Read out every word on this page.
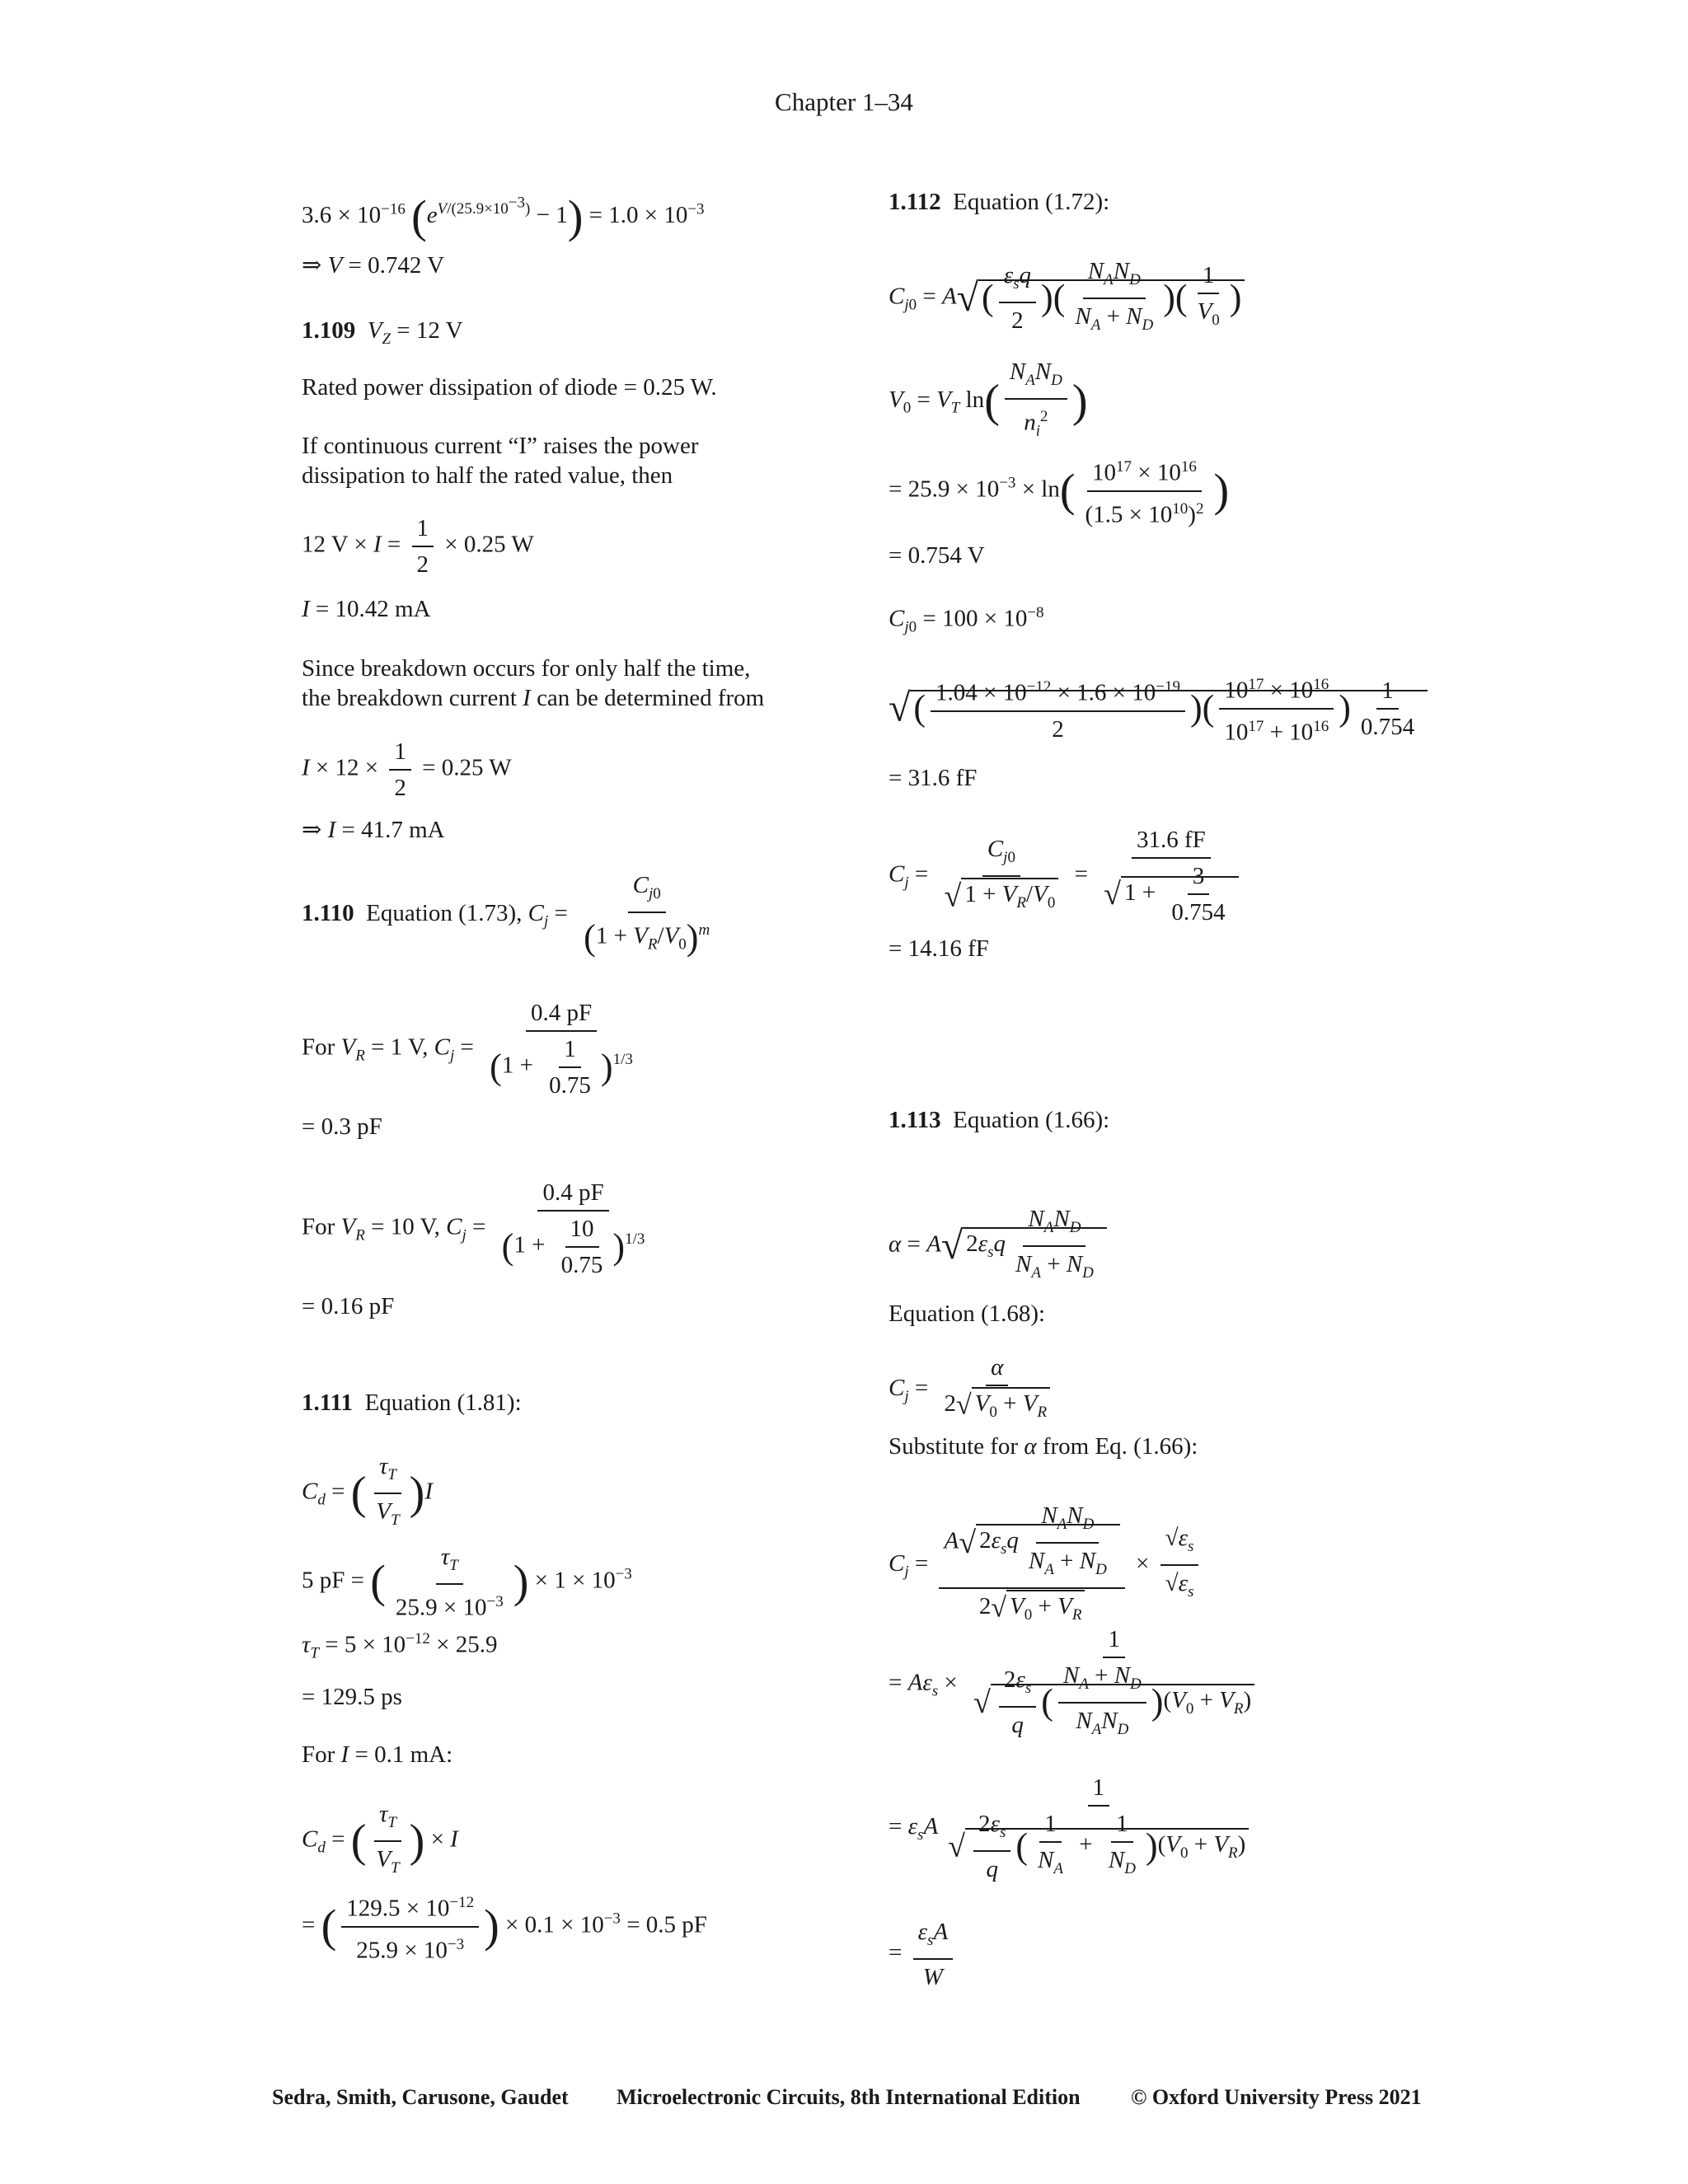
Chapter 1–34
$3.6 \times 10^{-16}$ $(e^{V/(25.9\times 10^{-3})} - 1) = 1.0 \times 10^{-3}$
⇒ V = 0.742 V
1.109 $V_Z = 12$ V
Rated power dissipation of diode = 0.25 W.
If continuous current “I” raises the power
dissipation to half the rated value, then
12 $V \times I = \frac{1}{2} \times 0.25$ W
I = 10.42 mA
Since breakdown occurs for only half the time,
the breakdown current I can be determined from
$I \times 12 \times \frac{1}{2} = 0.25$ W
⇒ I = 41.7 mA
1.110  Equation (1.73), $C_j = \frac{C_{j0}}{(1 + V_R/V_0)^m}$
For $V_R = 1$ V, $C_j = \frac{0.4 pF}{(1 + \frac{1}{0.75} )^{1/3}}$
= 0.3 pF
For $V_R = 10$ V, $C_j = \frac{0.4 pF}{(1 + \frac{10}{0.75} )^{1/3}}$
= 0.16 pF
1.111  Equation (1.81):
$C_d$ = ( $\frac{\tau_T}{V_T} )I$
5 pF = ( $\frac{\tau_T}{25.9 \times 10^{-3}}$ ) × $1 \times 10^{-3}$
$\tau_T = 5 \times 10^{-12} \times 25.9$
= 129.5 ps
For I = 0.1 mA:
$C_d$ = ( $\frac{\tau_T}{V_T}$ ) × I
= ( $\frac{129.5 \times 10^{-12}}{25.9 \times 10^{-3}}$ ) × $0.1 \times 10^{-3} = 0.5$ pF
1.112  Equation (1.72):
$C_{j0} = A√( \frac{\varepsilon_sq}{2}$ )( $\frac{N_AN_D}{N_A + N_D}$ )( $\frac{1}{V_0}$ )
$V_0 = V_T$ $\ln( \frac{N_AN_D}{n_i^2}$ )
= $25.9 \times 10^{-3} \times \ln( \frac{10^{17} \times 10^{16}}{(1.5 \times 10^{10})^2}$ )
= 0.754 V
$C_{j0} = 100 \times 10^{-8}$
√( $\frac{1.04 \times 10^{-12} \times 1.6 \times 10^{-19}}{2}$ )( $\frac{10^{17} \times 10^{16}}{10^{17} + 10^{16}}$ ) $\frac{1}{0.754}$
= 31.6 fF
$C_j = \frac{C_{j0}}{√ 1 + V_R/V_0} = \frac{31.6 fF}{√ 1 + \frac{3}{0.754}}$
= 14.16 fF
1.113  Equation (1.66):
α = A√ $2\varepsilon_sq \frac{N_AN_D}{N_A + N_D}$
Equation (1.68):
$C_j = \frac{\alpha}{2√ V_0 + V_R}$
Substitute for α from Eq. (1.66):
$C_j = \frac{A√ 2\varepsilon_sq \frac{N_AN_D}{N_A + N_D}}{2√ V_0 + V_R} \times \frac{√\varepsilon_s}{√\varepsilon_s}$
= $A\varepsilon_s \times \frac{1}{√ \frac{2\varepsilon_s}{q} ( \frac{N_A + N_D}{N_AN_D} )(V_0 + V_R)}$
= $\varepsilon_sA \frac{1}{√ \frac{2\varepsilon_s}{q} ( \frac{1}{N_A} + \frac{1}{N_D} )(V_0 + V_R)}$
= $\frac{\varepsilon_sA}{W}$
Sedra, Smith, Carusone, Gaudet Microelectronic Circuits, 8th International Edition © Oxford University Press 2021
